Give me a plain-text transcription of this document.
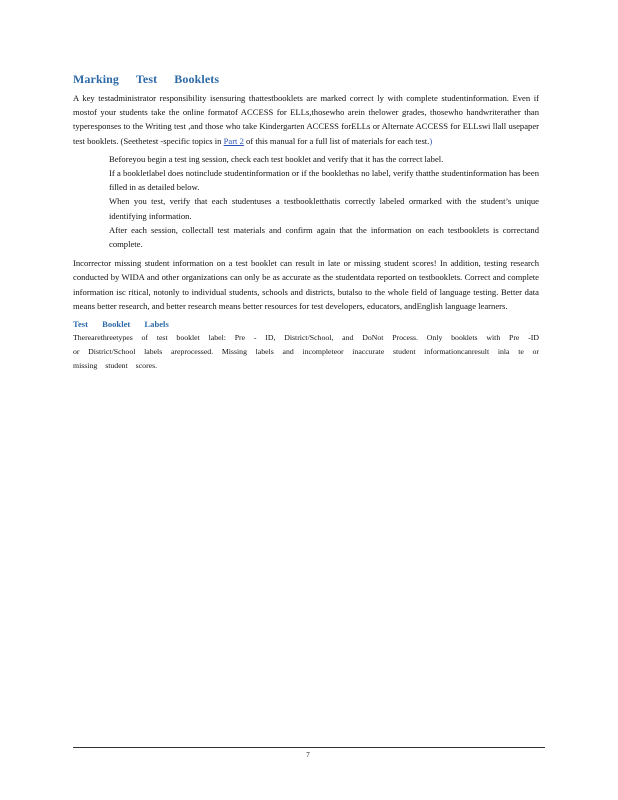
Marking Test Booklets

A key testadministrator responsibility isensuring thattestbooklets are marked correct ly with complete studentinformation. Even if mostof your students take the online formatof ACCESS for ELLs,thosewho arein thelower grades, thosewho handwriterather than typeresponses to the Writing test ,and those who take Kindergarten ACCESS forELLs or Alternate ACCESS for ELLswi llall usepaper test booklets. (Seethetest -specific topics in Part 2 of this manual for a full list of materials for each test.)

Beforeyou begin a test ing session, check each test booklet and verify that it has the correct label.
If a bookletlabel does notinclude studentinformation or if the booklethas no label, verify thatthe studentinformation has been filled in as detailed below.
When you test, verify that each studentuses a testbookletthatis correctly labeled ormarked with the student’s unique identifying information.
After each session, collectall test materials and confirm again that the information on each testbooklets is correctand complete.

Incorrector missing student information on a test booklet can result in late or missing student scores! In addition, testing research conducted by WIDA and other organizations can only be as accurate as the studentdata reported on testbooklets. Correct and complete information isc ritical, notonly to individual students, schools and districts, butalso to the whole field of language testing. Better data means better research, and better research means better resources for test developers, educators, andEnglish language learners.

Test Booklet Labels

Therearethreetypes of test booklet label: Pre - ID, District/School, and DoNot Process. Only booklets with Pre -ID or District/School labels areprocessed. Missing labels and incompleteor inaccurate student informationcanresult inla te or missing student scores.

7
